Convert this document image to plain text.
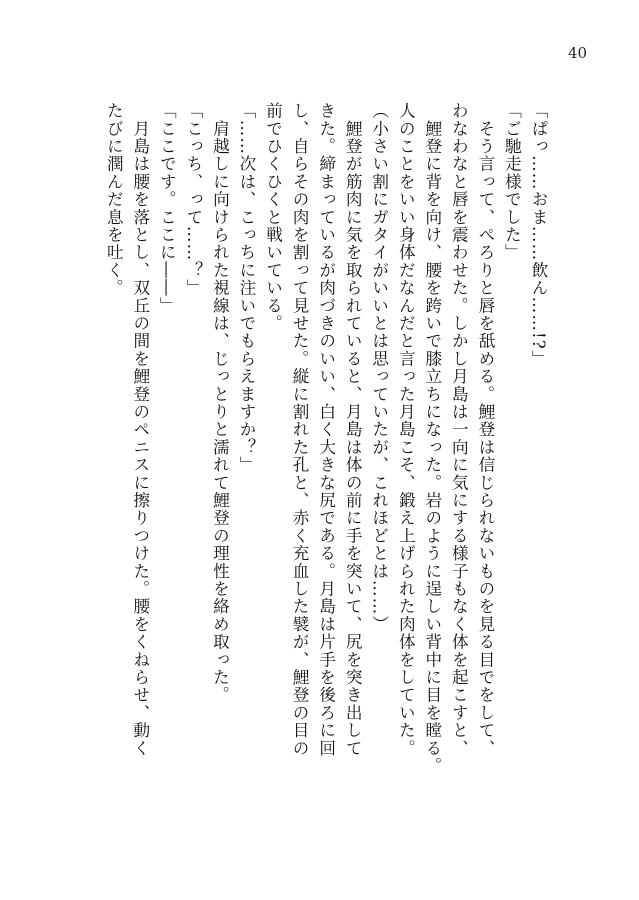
40

「ぱっ……おま……飲ん……!?」

「ご馳走様でした」

　そう言って、ぺろりと唇を舐める。鯉登は信じられないものを見る目でをして、

わなわなと唇を震わせた。しかし月島は一向に気にする様子もなく体を起こすと、

　鯉登に背を向け、腰を跨いで膝立ちになった。岩のように逞しい背中に目を瞠る。

人のことをいい身体だなんだと言った月島こそ、鍛え上げられた肉体をしていた。

（小さい割にガタイがいいとは思っていたが、これほどとは……）

　鯉登が筋肉に気を取られていると、月島は体の前に手を突いて、尻を突き出して

きた。締まっているが肉づきのいい、白く大きな尻である。月島は片手を後ろに回

し、自らその肉を割って見せた。縦に割れた孔と、赤く充血した襞が、鯉登の目の

前でひくひくと戦いている。

「……次は、こっちに注いでもらえますか？」

　肩越しに向けられた視線は、じっとりと濡れて鯉登の理性を絡め取った。

「こっち、って……？」

「ここです。ここに――」

　月島は腰を落とし、双丘の間を鯉登のペニスに擦りつけた。腰をくねらせ、動く

たびに潤んだ息を吐く。
